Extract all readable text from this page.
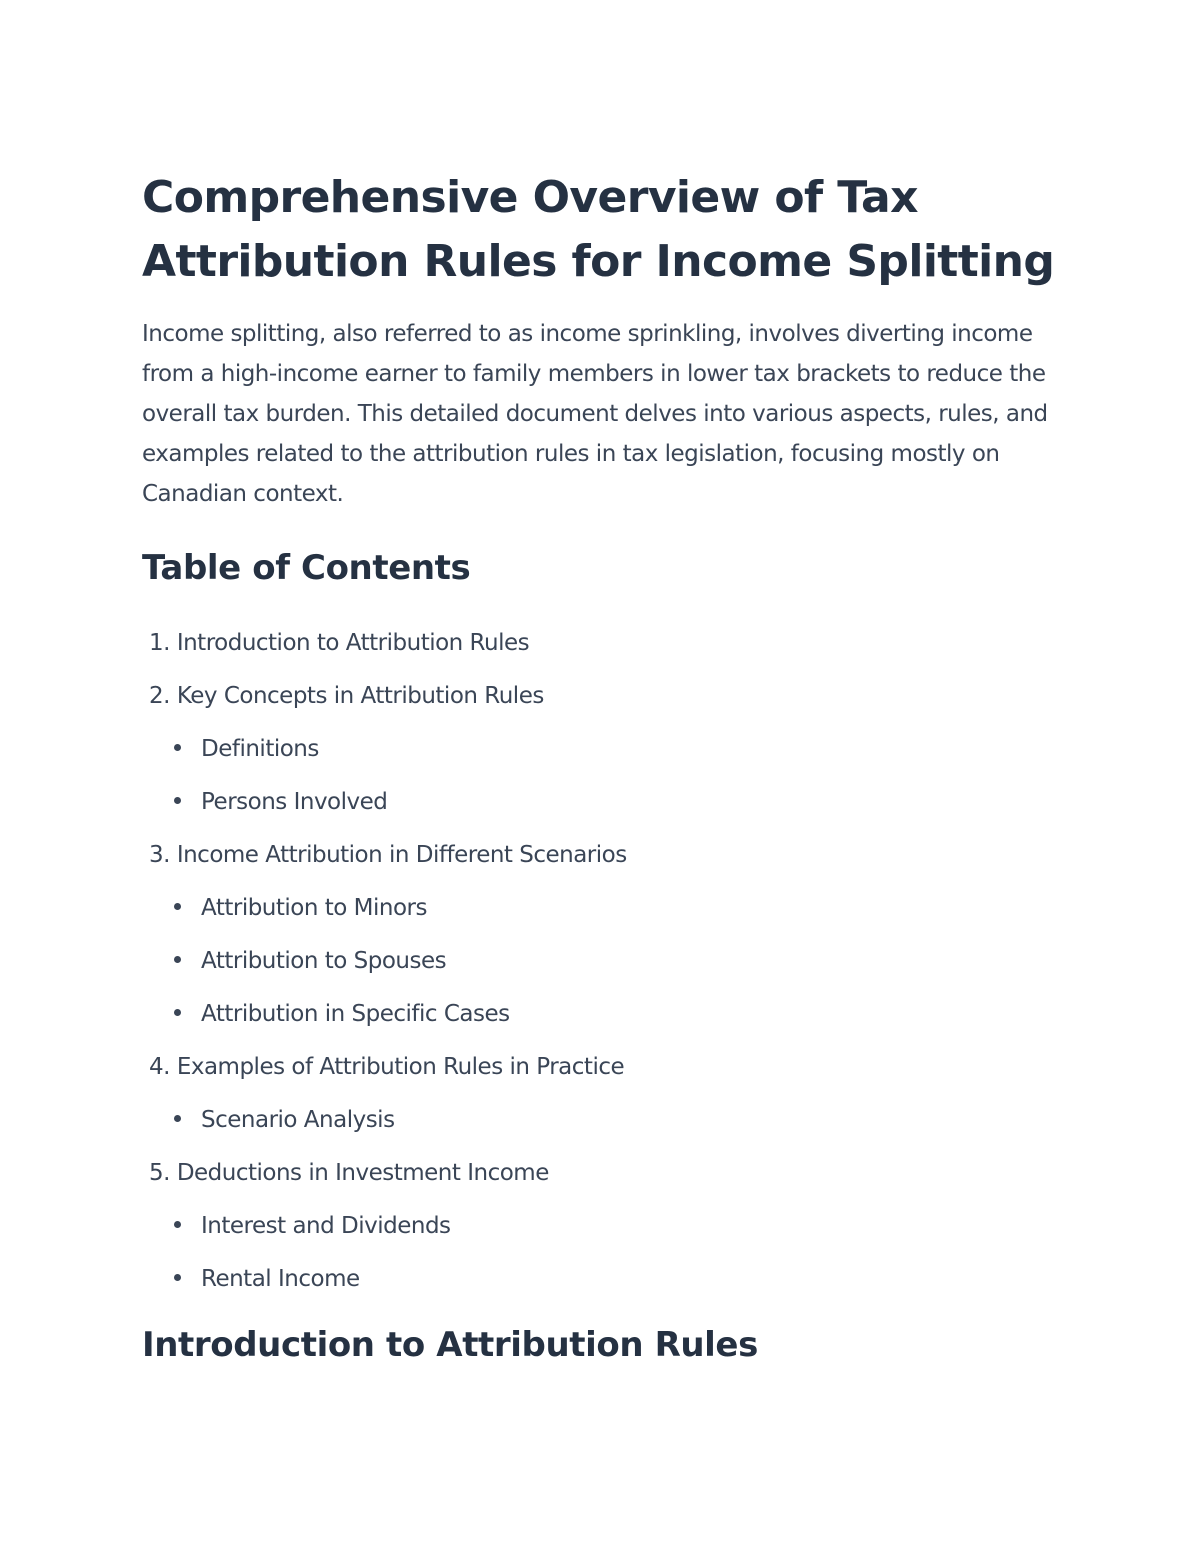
Comprehensive Overview of Tax Attribution Rules for Income Splitting

Income splitting, also referred to as income sprinkling, involves diverting income from a high-income earner to family members in lower tax brackets to reduce the overall tax burden. This detailed document delves into various aspects, rules, and examples related to the attribution rules in tax legislation, focusing mostly on Canadian context.

Table of Contents
1. Introduction to Attribution Rules
2. Key Concepts in Attribution Rules
Definitions
Persons Involved
3. Income Attribution in Different Scenarios
Attribution to Minors
Attribution to Spouses
Attribution in Specific Cases
4. Examples of Attribution Rules in Practice
Scenario Analysis
5. Deductions in Investment Income
Interest and Dividends
Rental Income
Introduction to Attribution Rules
